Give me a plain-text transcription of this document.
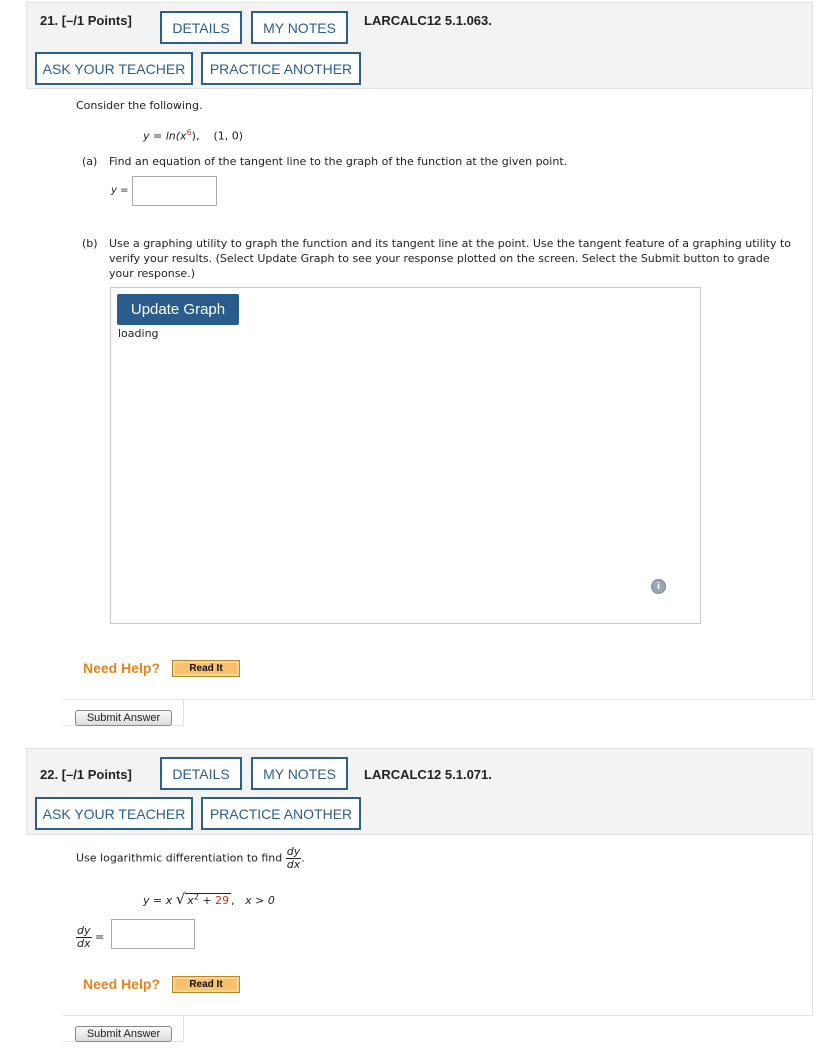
21. [–/1 Points]	DETAILS	MY NOTES	LARCALC12 5.1.063.
ASK YOUR TEACHER	PRACTICE ANOTHER
Consider the following.
$y = \ln(x^6)$, (1, 0)
(a) Find an equation of the tangent line to the graph of the function at the given point.
y =
(b) Use a graphing utility to graph the function and its tangent line at the point. Use the tangent feature of a graphing utility to
verify your results. (Select Update Graph to see your response plotted on the screen. Select the Submit button to grade
your response.)
Update Graph
loading
i
Need Help?	Read It
Submit Answer
22. [–/1 Points]	DETAILS	MY NOTES	LARCALC12 5.1.071.
ASK YOUR TEACHER	PRACTICE ANOTHER
Use logarithmic differentiation to find $\frac{dy}{dx}$ .
y = x √ $x^2 + 29$ , x > 0
$\frac{dy}{dx}$ =
Need Help?	Read It
Submit Answer
